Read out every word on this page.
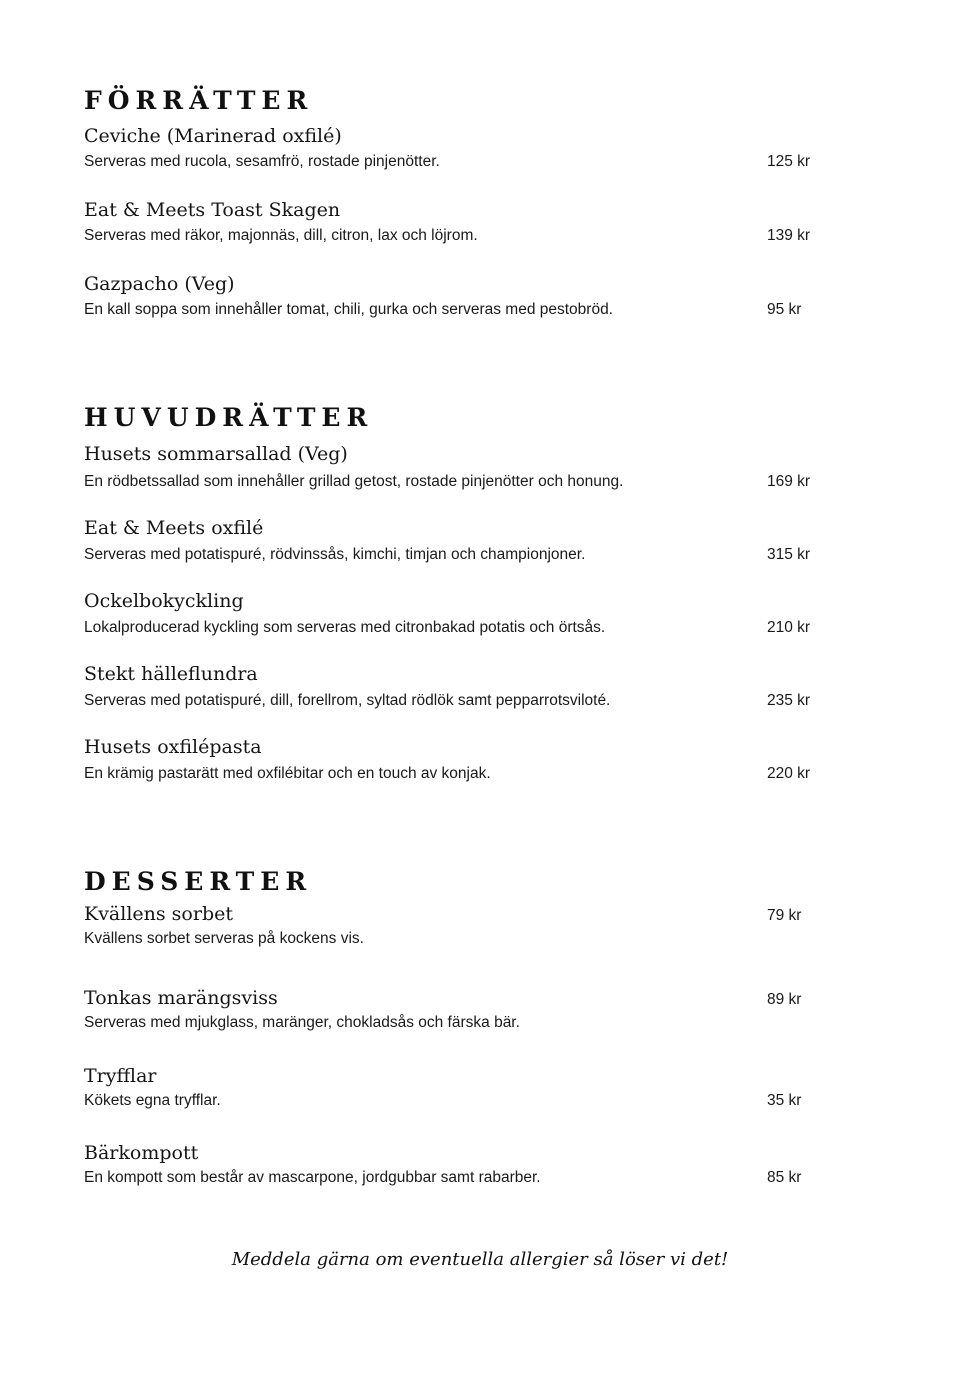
FÖRRÄTTER
Ceviche (Marinerad oxfilé)
Serveras med rucola, sesamfrö, rostade pinjenötter.	125 kr
Eat & Meets Toast Skagen
Serveras med räkor, majonnäs, dill, citron, lax och löjrom.	139 kr
Gazpacho (Veg)
En kall soppa som innehåller tomat, chili, gurka och serveras med pestobröd.	95 kr
HUVUDRÄTTER
Husets sommarsallad (Veg)
En rödbetssallad som innehåller grillad getost, rostade pinjenötter och honung.	169 kr
Eat & Meets oxfilé
Serveras med potatispuré, rödvinssås, kimchi, timjan och championjoner.	315 kr
Ockelbokyckling
Lokalproducerad kyckling som serveras med citronbakad potatis och örtsås.	210 kr
Stekt hälleflundra
Serveras med potatispuré, dill, forellrom, syltad rödlök samt pepparrotsviloté.	235 kr
Husets oxfilépasta
En krämig pastarätt med oxfilébitar och en touch av konjak.	220 kr
DESSERTER
Kvällens sorbet
Kvällens sorbet serveras på kockens vis.
79 kr
Tonkas marängsviss
Serveras med mjukglass, maränger, chokladsås och färska bär.
89 kr
Tryfflar
Kökets egna tryfflar.	35 kr
Bärkompott
En kompott som består av mascarpone, jordgubbar samt rabarber.	85 kr

Meddela gärna om eventuella allergier så löser vi det!
